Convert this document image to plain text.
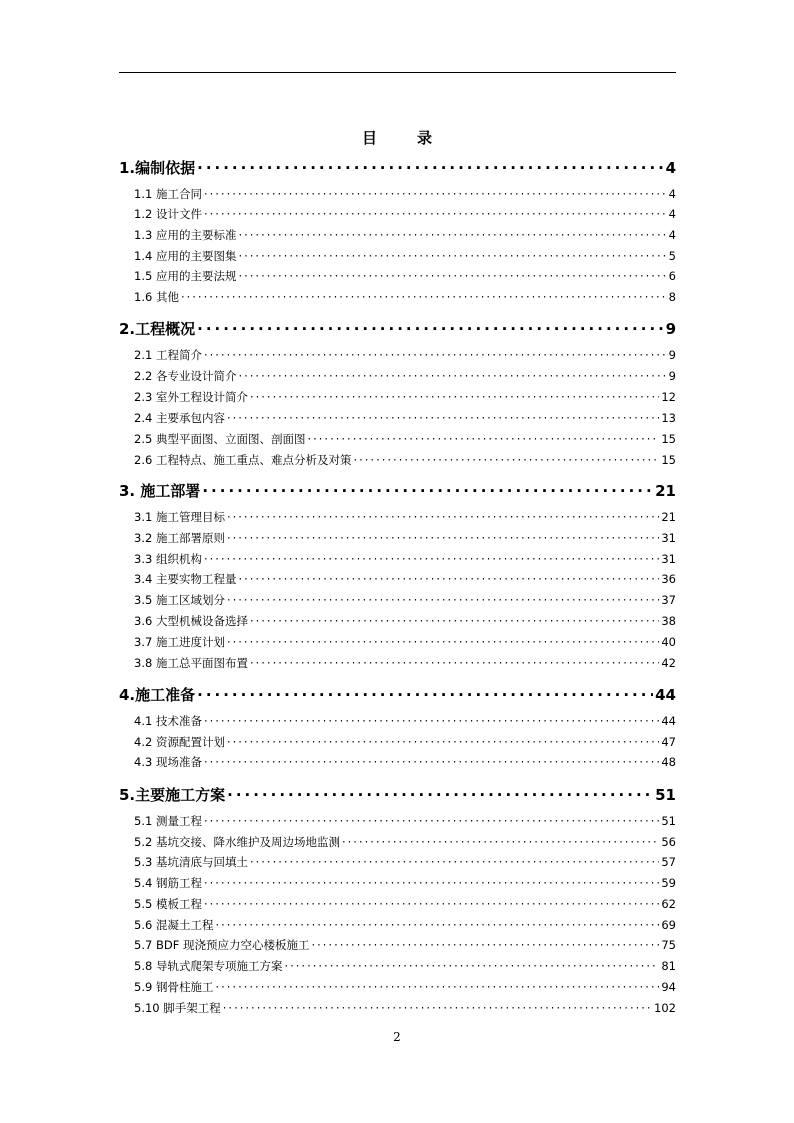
目	录
1.编制依据 ·····	4
1.1 施工合同 ·····	4
1.2 设计文件 ·····	4
1.3 应用的主要标准 ·····	4
1.4 应用的主要图集 ·····	5
1.5 应用的主要法规 ·····	6
1.6 其他 ·····	8
2.工程概况 ·····	9
2.1 工程简介 ·····	9
2.2 各专业设计简介 ·····	9
2.3 室外工程设计简介 ·····	12
2.4 主要承包内容 ·····	13
2.5 典型平面图、立面图、剖面图 ·····	15
2.6 工程特点、施工重点、难点分析及对策 ·····	15
3. 施工部署 ·····	21
3.1 施工管理目标 ·····	21
3.2 施工部署原则 ·····	31
3.3 组织机构 ·····	31
3.4 主要实物工程量 ·····	36
3.5 施工区域划分 ·····	37
3.6 大型机械设备选择 ·····	38
3.7 施工进度计划 ·····	40
3.8 施工总平面图布置 ·····	42
4.施工准备 ·····	44
4.1 技术准备 ·····	44
4.2 资源配置计划 ·····	47
4.3 现场准备 ·····	48
5.主要施工方案 ·····	51
5.1 测量工程 ·····	51
5.2 基坑交接、降水维护及周边场地监测 ·····	56
5.3 基坑清底与回填土 ·····	57
5.4 钢筋工程 ·····	59
5.5 模板工程 ·····	62
5.6 混凝土工程 ·····	69
5.7 BDF 现浇预应力空心楼板施工 ·····	75
5.8 导轨式爬架专项施工方案 ·····	81
5.9 钢骨柱施工 ·····	94
5.10 脚手架工程 ·····	102
2
